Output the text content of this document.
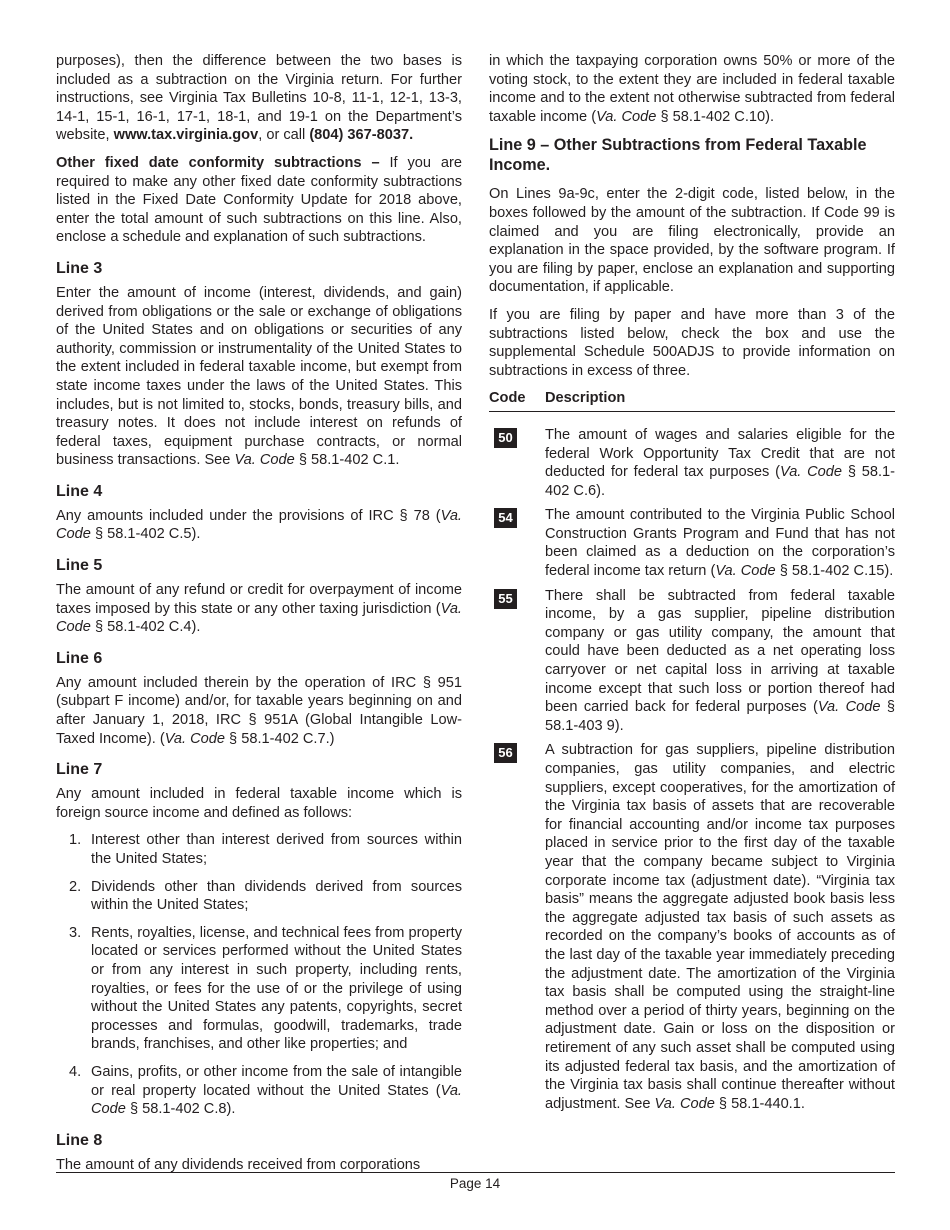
purposes), then the difference between the two bases is included as a subtraction on the Virginia return. For further instructions, see Virginia Tax Bulletins 10-8, 11-1, 12-1, 13-3, 14-1, 15-1, 16-1, 17-1, 18-1, and 19-1 on the Department’s website, www.tax.virginia.gov, or call (804) 367-8037.

Other fixed date conformity subtractions – If you are required to make any other fixed date conformity subtractions listed in the Fixed Date Conformity Update for 2018 above, enter the total amount of such subtractions on this line. Also, enclose a schedule and explanation of such subtractions.

Line 3

Enter the amount of income (interest, dividends, and gain) derived from obligations or the sale or exchange of obligations of the United States and on obligations or securities of any authority, commission or instrumentality of the United States to the extent included in federal taxable income, but exempt from state income taxes under the laws of the United States. This includes, but is not limited to, stocks, bonds, treasury bills, and treasury notes. It does not include interest on refunds of federal taxes, equipment purchase contracts, or normal business transactions. See Va. Code § 58.1-402 C.1.

Line 4

Any amounts included under the provisions of IRC § 78 (Va. Code § 58.1-402 C.5).

Line 5

The amount of any refund or credit for overpayment of income taxes imposed by this state or any other taxing jurisdiction (Va. Code § 58.1-402 C.4).

Line 6

Any amount included therein by the operation of IRC § 951 (subpart F income) and/or, for taxable years beginning on and after January 1, 2018, IRC § 951A (Global Intangible Low-Taxed Income). (Va. Code § 58.1-402 C.7.)

Line 7

Any amount included in federal taxable income which is foreign source income and defined as follows:

1. Interest other than interest derived from sources within the United States;
2. Dividends other than dividends derived from sources within the United States;
3. Rents, royalties, license, and technical fees from property located or services performed without the United States or from any interest in such property, including rents, royalties, or fees for the use of or the privilege of using without the United States any patents, copyrights, secret processes and formulas, goodwill, trademarks, trade brands, franchises, and other like properties; and
4. Gains, profits, or other income from the sale of intangible or real property located without the United States (Va. Code § 58.1-402 C.8).
Line 8

The amount of any dividends received from corporations

in which the taxpaying corporation owns 50% or more of the voting stock, to the extent they are included in federal taxable income and to the extent not otherwise subtracted from federal taxable income (Va. Code § 58.1-402 C.10).

Line 9 – Other Subtractions from Federal Taxable Income.

On Lines 9a-9c, enter the 2-digit code, listed below, in the boxes followed by the amount of the subtraction. If Code 99 is claimed and you are filing electronically, provide an explanation in the space provided, by the software program. If you are filing by paper, enclose an explanation and supporting documentation, if applicable.

If you are filing by paper and have more than 3 of the subtractions listed below, check the box and use the supplemental Schedule 500ADJS to provide information on subtractions in excess of three.

Code	Description
50	The amount of wages and salaries eligible for the federal Work Opportunity Tax Credit that are not deducted for federal tax purposes (Va. Code § 58.1-402 C.6).
54	The amount contributed to the Virginia Public School Construction Grants Program and Fund that has not been claimed as a deduction on the corporation’s federal income tax return (Va. Code § 58.1-402 C.15).
55	There shall be subtracted from federal taxable income, by a gas supplier, pipeline distribution company or gas utility company, the amount that could have been deducted as a net operating loss carryover or net capital loss in arriving at taxable income except that such loss or portion thereof had been carried back for federal purposes (Va. Code § 58.1-403 9).
56	A subtraction for gas suppliers, pipeline distribution companies, gas utility companies, and electric suppliers, except cooperatives, for the amortization of the Virginia tax basis of assets that are recoverable for financial accounting and/or income tax purposes placed in service prior to the first day of the taxable year that the company became subject to Virginia corporate income tax (adjustment date). “Virginia tax basis” means the aggregate adjusted book basis less the aggregate adjusted tax basis of such assets as recorded on the company’s books of accounts as of the last day of the taxable year immediately preceding the adjustment date. The amortization of the Virginia tax basis shall be computed using the straight-line method over a period of thirty years, beginning on the adjustment date. Gain or loss on the disposition or retirement of any such asset shall be computed using its adjusted federal tax basis, and the amortization of the Virginia tax basis shall continue thereafter without adjustment. See Va. Code § 58.1-440.1.
Page 14
